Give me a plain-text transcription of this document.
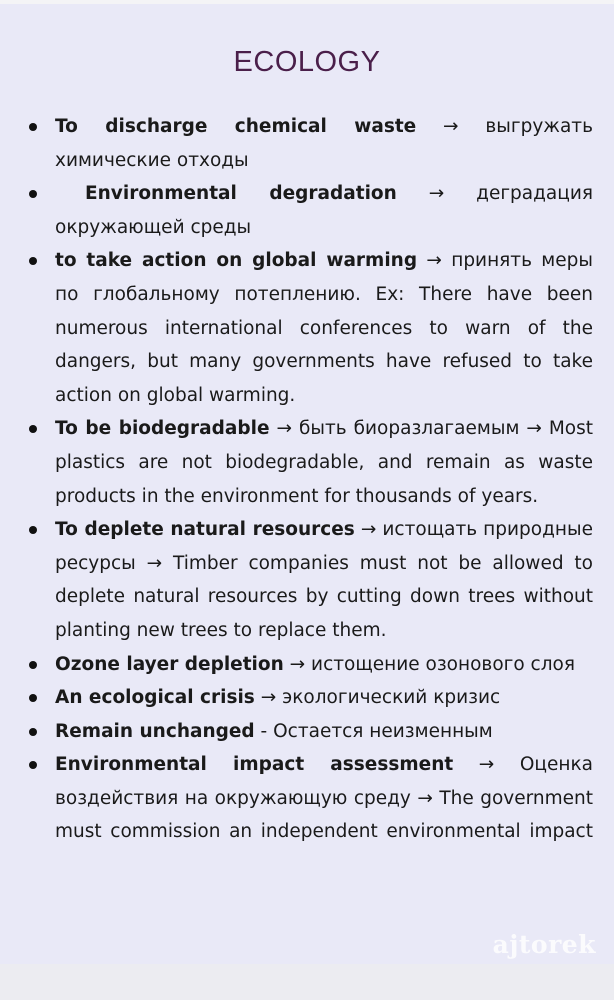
ECOLOGY
To discharge chemical waste → выгружать химические отходы
Environmental degradation → деградация окружающей среды
to take action on global warming → принять меры по глобальному потеплению. Ex: There have been numerous international conferences to warn of the dangers, but many governments have refused to take action on global warming.
To be biodegradable → быть биоразлагаемым → Most plastics are not biodegradable, and remain as waste products in the environment for thousands of years.
To deplete natural resources → истощать природные ресурсы → Timber companies must not be allowed to deplete natural resources by cutting down trees without planting new trees to replace them.
Ozone layer depletion → истощение озонового слоя
An ecological crisis → экологический кризис
Remain unchanged - Остается неизменным
Environmental impact assessment → Оценка воздействия на окружающую среду → The government must commission an independent environmental impact
ajtorek
